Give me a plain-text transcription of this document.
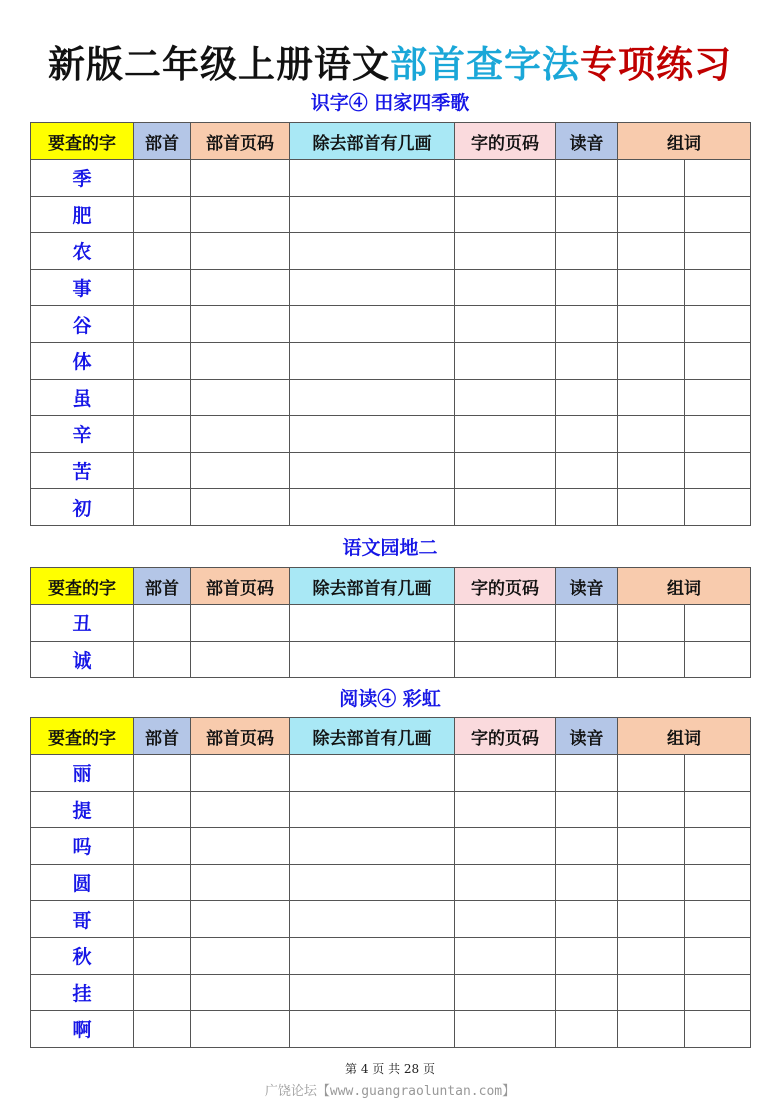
新版二年级上册语文部首查字法专项练习
识字④ 田家四季歌
要查的字	部首	部首页码	除去部首有几画	字的页码	读音	组词	
季							
肥							
农							
事							
谷							
体							
虽							
辛							
苦							
初							
语文园地二
要查的字	部首	部首页码	除去部首有几画	字的页码	读音	组词	
丑							
诚							
阅读④ 彩虹
要查的字	部首	部首页码	除去部首有几画	字的页码	读音	组词	
丽							
提							
吗							
圆							
哥							
秋							
挂							
啊							
第 4 页 共 28 页
广饶论坛【www.guangraoluntan.com】
